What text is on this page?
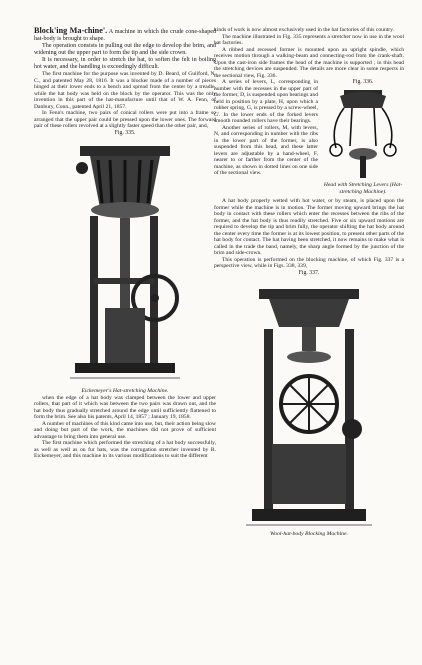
Block'ing Ma-chine'. A machine in which the crude cone-shaped hat-body is brought to shape.

The operation consists in pulling out the edge to develop the brim, and widening out the upper part to form the tip and the side crown.

It is necessary, in order to stretch the hat, to soften the felt in boiling hot water, and the handling is exceedingly difficult.

The first machine for the purpose was invented by D. Beard, of Guilford, N. C., and patented May 28, 1816. It was a blocker made of a number of pieces hinged at their lower ends to a bench and spread from the center by a treadle, while the hat body was held on the block by the operator. This was the only invention in this part of the hat-manufacture until that of W. A. Fenn, of Danbury, Conn., patented April 21, 1857.

In Fenn's machine, two pairs of conical rollers were put into a frame so arranged that the upper pair could be pressed upon the lower ones. The forward pair of these rollers revolved at a slightly faster speed than the other pair, and,

Fig. 335.

Eickemeyer's Hat-stretching Machine.

when the edge of a hat body was clamped between the lower and upper rollers, that part of it which was between the two pairs was drawn out, and the hat body thus gradually stretched around the edge until sufficiently flattened to form the brim. See also his patents, April 14, 1857 ; January 19, 1858.

A number of machines of this kind came into use, but, their action being slow and doing but part of the work, the machines did not prove of sufficient advantage to bring them into general use.

The first machine which performed the stretching of a hat body successfully, as well as well as on fur hats, was the corrugation stretcher invented by R. Eickemeyer, and this machine in its various modifications to suit the different

kinds of work is now almost exclusively used in the hat factories of this country.

The machine illustrated in Fig. 335 represents a stretcher now in use in the wool hat factories.

A ribbed and recessed former is mounted upon an upright spindle, which receives motion through a walking-beam and connecting-rod from the crank-shaft. Upon the cast-iron side frames the head of the machine is supported ; in this head the stretching devices are suspended. The details are more clear in some respects in the sectional view, Fig. 336.

Fig. 336.

Head with Stretching Levers (Hat-stretching Machine).

A series of levers, L, corresponding in number with the recesses in the upper part of the former, D, is suspended upon bearings and held in position by a plate, H, upon which a rubber spring, G, is pressed by a screw-wheel, G'. In the lower ends of the forked levers smooth rounded rollers have their bearings.

Another series of rollers, M, with levers, N, and corresponding in number with the ribs in the lower part of the former, is also suspended from this head, and these latter levers are adjustable by a hand-wheel, F, nearer to or farther from the center of the machine, as shown in dotted lines on one side of the sectional view.

A hat body properly wetted with hot water, or by steam, is placed upon the former while the machine is in motion. The former moving upward brings the hat body in contact with these rollers which enter the recesses between the ribs of the former, and the hat body is thus readily stretched. Five or six upward motions are required to develop the tip and brim fully, the operator shifting the hat body around the center every time the former is at its lowest position, to present other parts of the hat body for contact. The hat having been stretched, it now remains to make what is called in the trade the band, namely, the sharp angle formed by the junction of the brim and side-crown.

This operation is performed on the blocking machine, of which Fig. 337 is a perspective view, while in Figs. 338, 339,

Fig. 337.

Wool-hat-body Blocking Machine.
